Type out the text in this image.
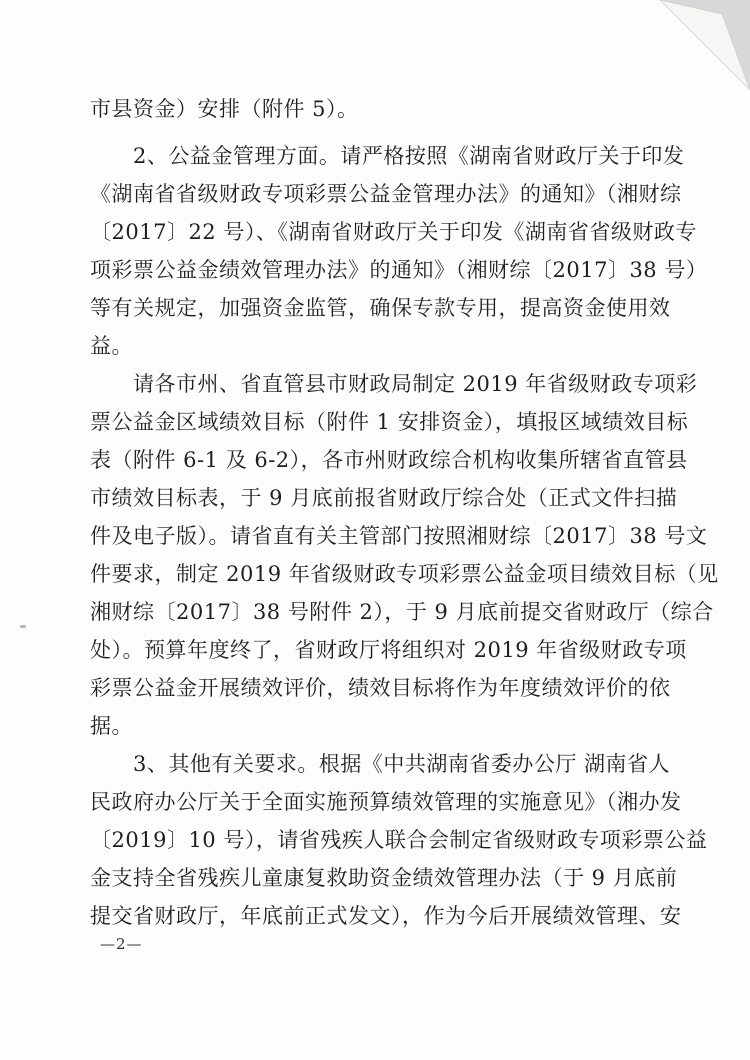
市县资金）安排（附件 5）。
　　2、公益金管理方面。请严格按照《湖南省财政厅关于印发
《湖南省省级财政专项彩票公益金管理办法》的通知》（湘财综
〔2017〕22 号）、《湖南省财政厅关于印发《湖南省省级财政专
项彩票公益金绩效管理办法》的通知》（湘财综〔2017〕38 号）
等有关规定，加强资金监管，确保专款专用，提高资金使用效
益。
　　请各市州、省直管县市财政局制定 2019 年省级财政专项彩
票公益金区域绩效目标（附件 1 安排资金），填报区域绩效目标
表（附件 6-1 及 6-2），各市州财政综合机构收集所辖省直管县
市绩效目标表，于 9 月底前报省财政厅综合处（正式文件扫描
件及电子版）。请省直有关主管部门按照湘财综〔2017〕38 号文
件要求，制定 2019 年省级财政专项彩票公益金项目绩效目标（见
湘财综〔2017〕38 号附件 2），于 9 月底前提交省财政厅（综合
处）。预算年度终了，省财政厅将组织对 2019 年省级财政专项
彩票公益金开展绩效评价，绩效目标将作为年度绩效评价的依
据。
　　3、其他有关要求。根据《中共湖南省委办公厅 湖南省人
民政府办公厅关于全面实施预算绩效管理的实施意见》（湘办发
〔2019〕10 号），请省残疾人联合会制定省级财政专项彩票公益
金支持全省残疾儿童康复救助资金绩效管理办法（于 9 月底前
提交省财政厅，年底前正式发文），作为今后开展绩效管理、安
—2—
